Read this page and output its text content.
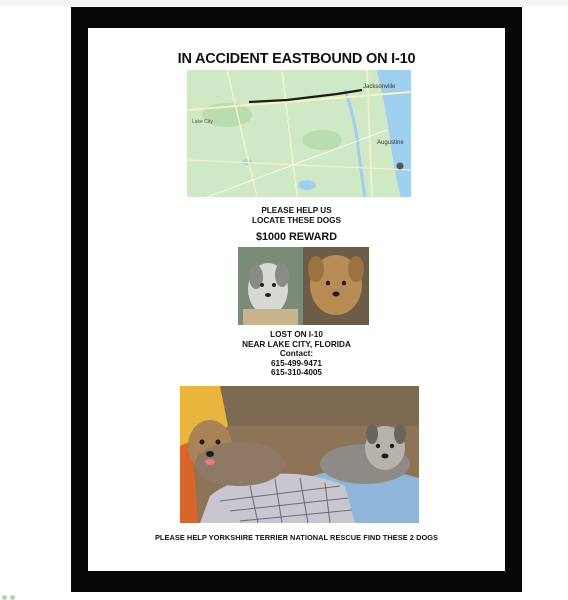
IN ACCIDENT EASTBOUND ON I-10
Jacksonville
Augustine
Lake City
PLEASE HELP US
LOCATE THESE DOGS
$1000 REWARD
LOST ON I-10
NEAR LAKE CITY, FLORIDA
Contact:
615-499-9471
615-310-4005
PLEASE HELP YORKSHIRE TERRIER NATIONAL RESCUE FIND THESE 2 DOGS
